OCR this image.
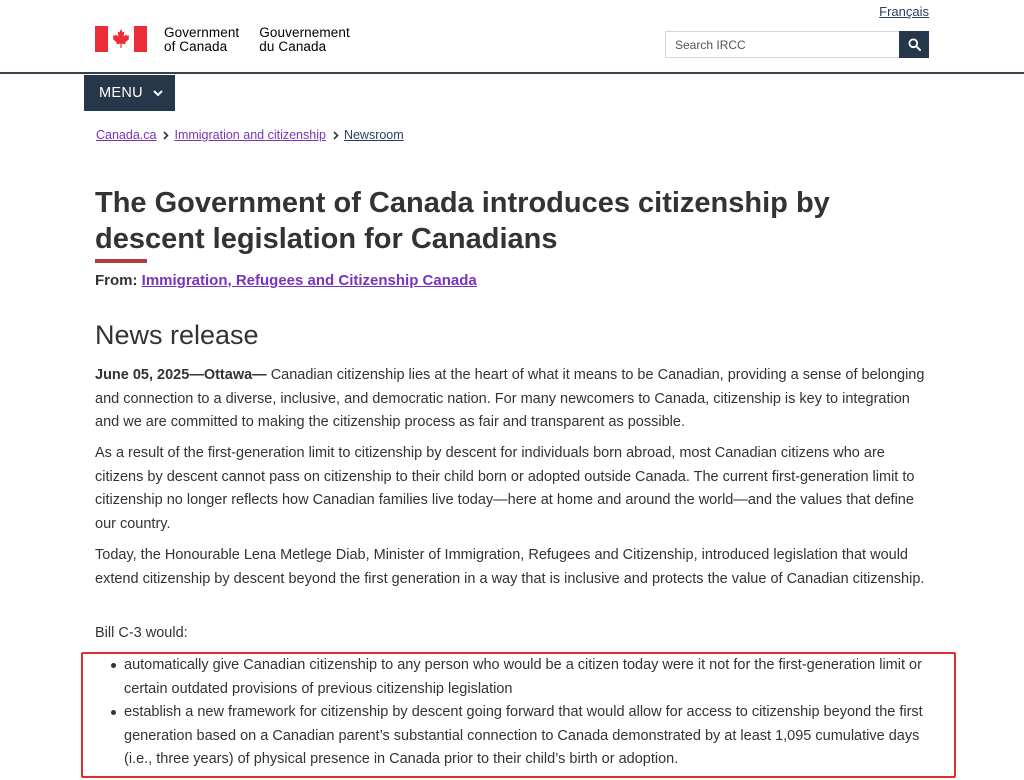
Français
Government
of Canada
Gouvernement
du Canada
Search IRCC
MENU
Canada.ca Immigration and citizenship Newsroom
The Government of Canada introduces citizenship by descent legislation for Canadians
From: Immigration, Refugees and Citizenship Canada
News release

June 05, 2025—Ottawa— Canadian citizenship lies at the heart of what it means to be Canadian, providing a sense of belonging and connection to a diverse, inclusive, and democratic nation. For many newcomers to Canada, citizenship is key to integration and we are committed to making the citizenship process as fair and transparent as possible.

As a result of the first-generation limit to citizenship by descent for individuals born abroad, most Canadian citizens who are citizens by descent cannot pass on citizenship to their child born or adopted outside Canada. The current first-generation limit to citizenship no longer reflects how Canadian families live today—here at home and around the world—and the values that define our country.

Today, the Honourable Lena Metlege Diab, Minister of Immigration, Refugees and Citizenship, introduced legislation that would extend citizenship by descent beyond the first generation in a way that is inclusive and protects the value of Canadian citizenship.

Bill C-3 would:

automatically give Canadian citizenship to any person who would be a citizen today were it not for the first-generation limit or certain outdated provisions of previous citizenship legislation
establish a new framework for citizenship by descent going forward that would allow for access to citizenship beyond the first generation based on a Canadian parent’s substantial connection to Canada demonstrated by at least 1,095 cumulative days (i.e., three years) of physical presence in Canada prior to their child’s birth or adoption.
